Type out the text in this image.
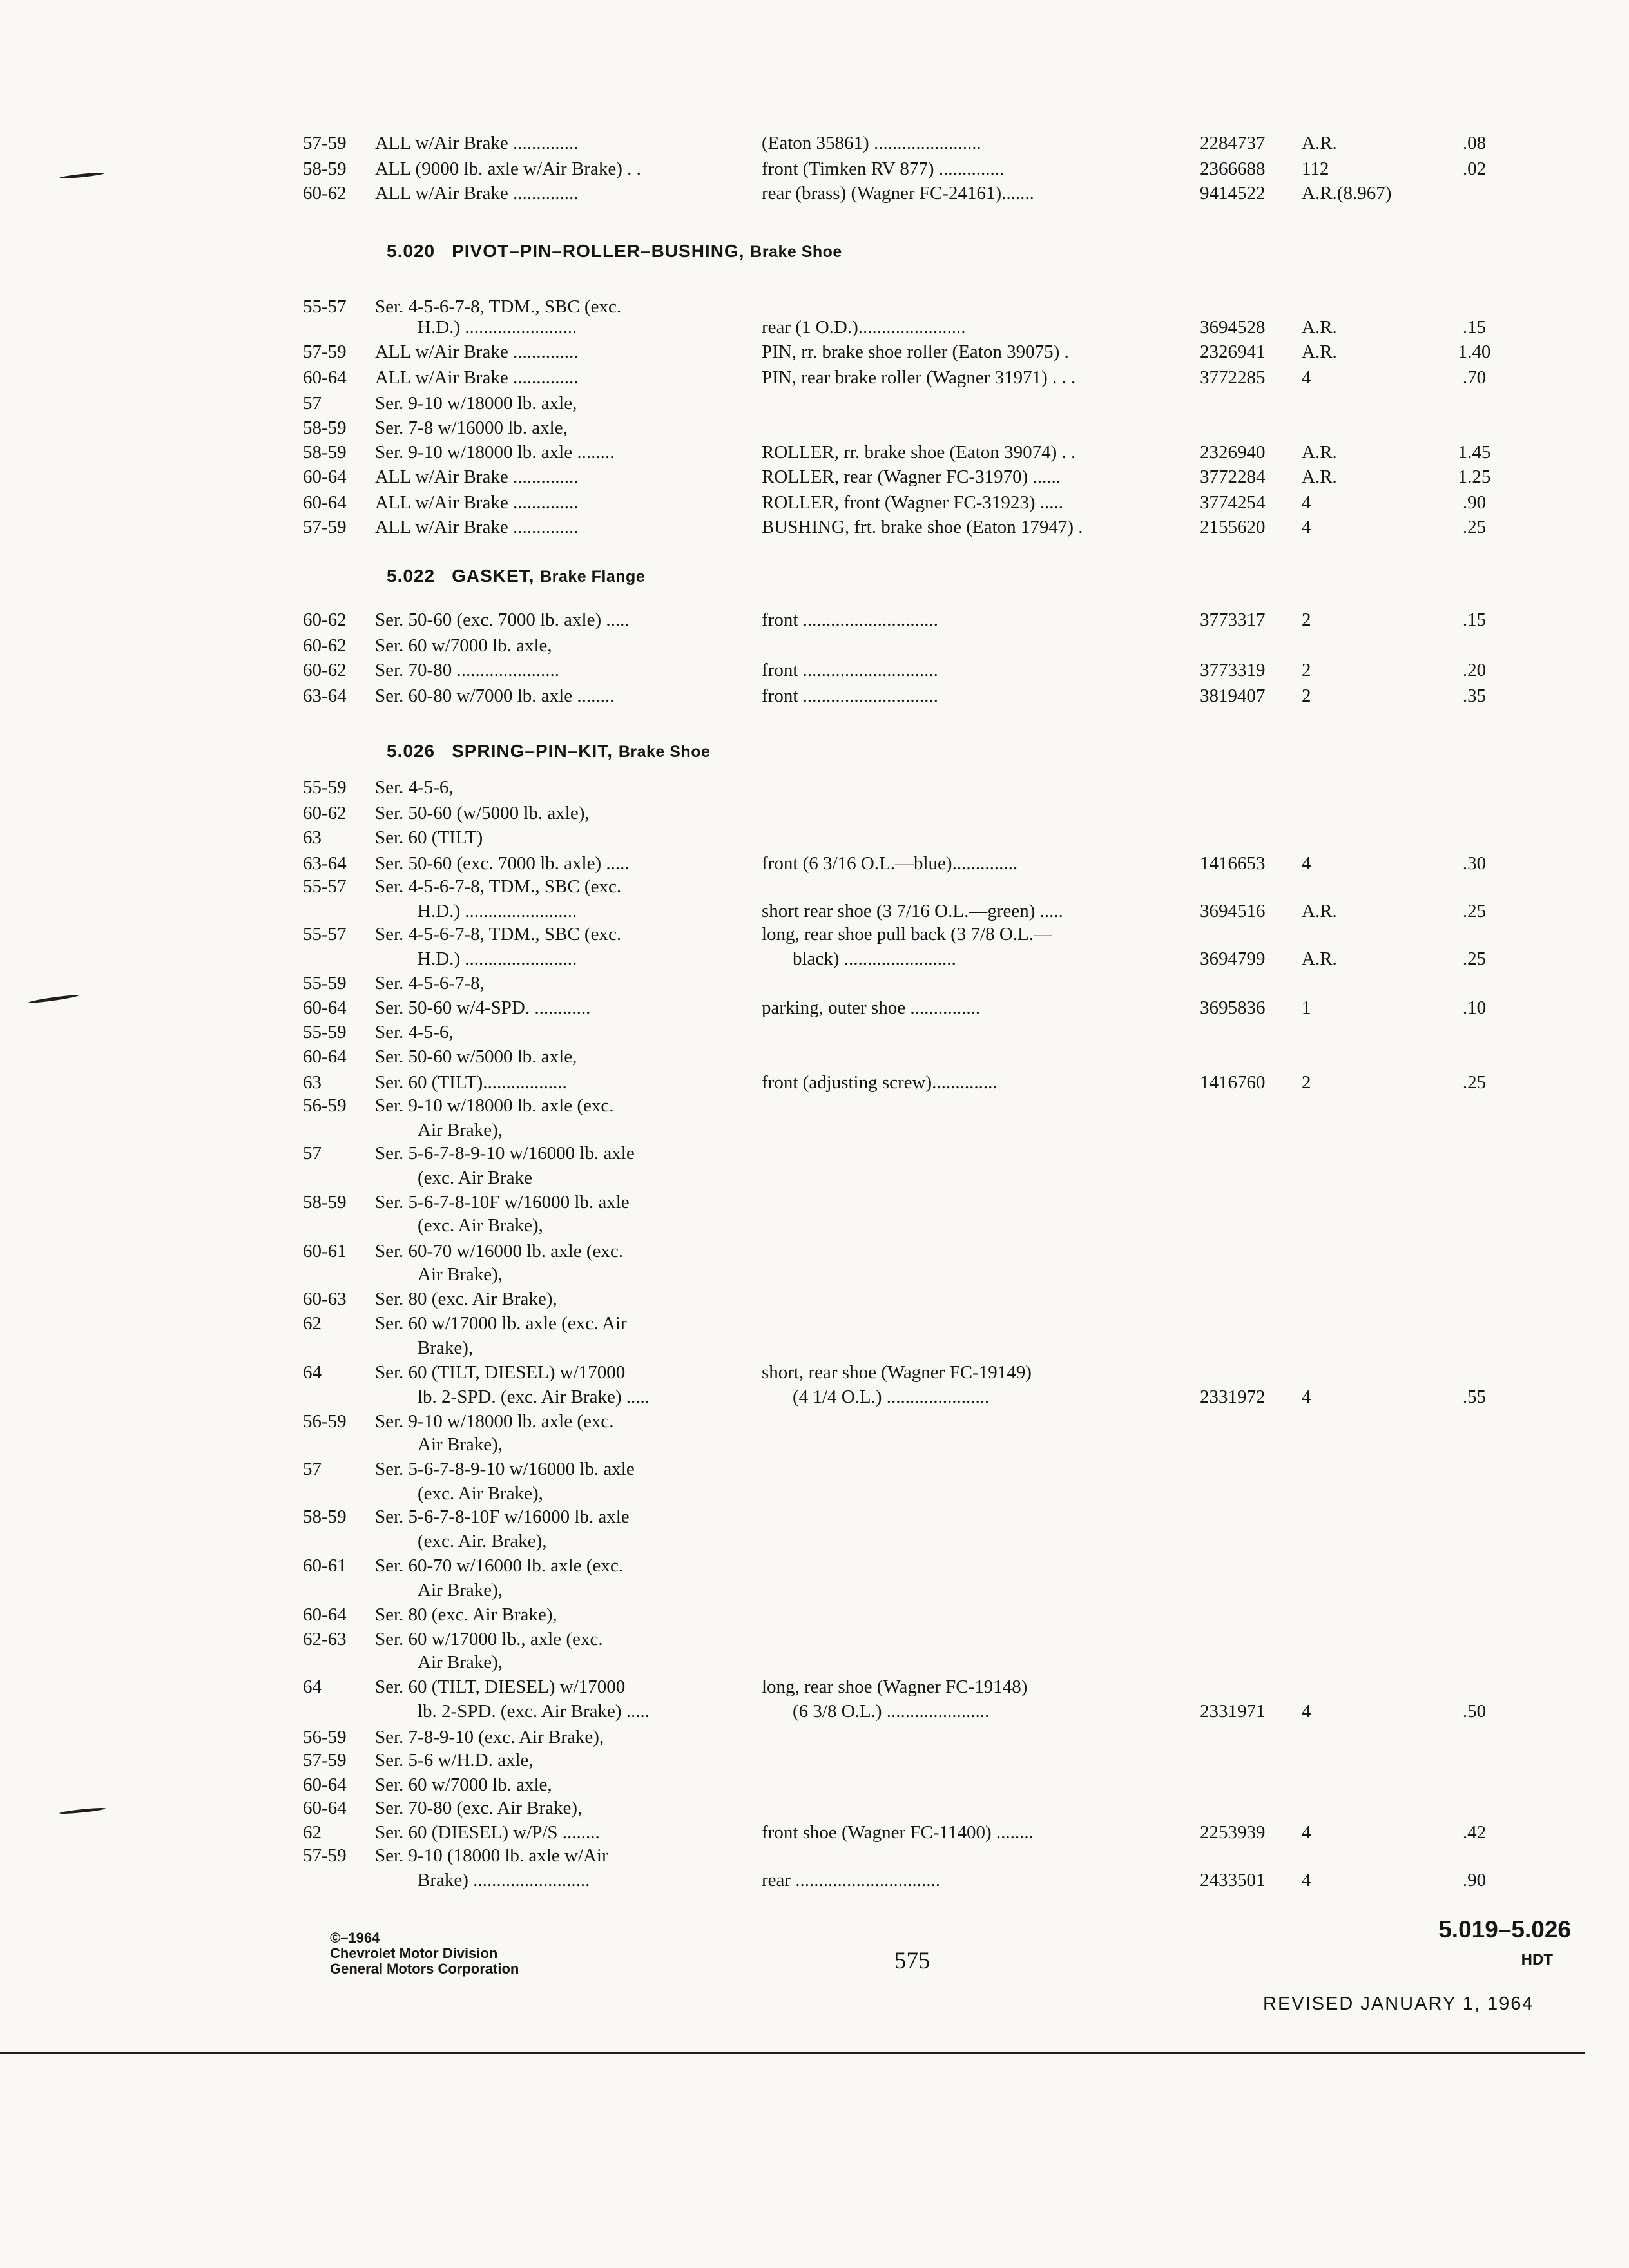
5.020 PIVOT–PIN–ROLLER–BUSHING, Brake Shoe
5.022 GASKET, Brake Flange
5.026 SPRING–PIN–KIT, Brake Shoe
57-59 ALL w/Air Brake ..............	(Eaton 35861) .......................	2284737 A.R.	.08
58-59 ALL (9000 lb. axle w/Air Brake) . .	front (Timken RV 877) ..............	2366688 112	.02
60-62 ALL w/Air Brake ..............	rear (brass) (Wagner FC-24161).......	9414522 A.R.(8.967)
55-57 Ser. 4-5-6-7-8, TDM., SBC (exc.
H.D.) ........................	rear (1 O.D.).......................	3694528 A.R.	.15
57-59 ALL w/Air Brake ..............	PIN, rr. brake shoe roller (Eaton 39075) .	2326941 A.R.	1.40
60-64 ALL w/Air Brake ..............	PIN, rear brake roller (Wagner 31971) . . .	3772285 4	.70
57	Ser. 9-10 w/18000 lb. axle,
58-59 Ser. 7-8 w/16000 lb. axle,
58-59 Ser. 9-10 w/18000 lb. axle ........	ROLLER, rr. brake shoe (Eaton 39074) . .	2326940 A.R.	1.45
60-64 ALL w/Air Brake ..............	ROLLER, rear (Wagner FC-31970) ......	3772284 A.R.	1.25
60-64 ALL w/Air Brake ..............	ROLLER, front (Wagner FC-31923) .....	3774254 4	.90
57-59 ALL w/Air Brake ..............	BUSHING, frt. brake shoe (Eaton 17947) .	2155620 4	.25
60-62 Ser. 50-60 (exc. 7000 lb. axle) .....	front .............................	3773317 2	.15
60-62 Ser. 60 w/7000 lb. axle,
60-62 Ser. 70-80 ......................	front .............................	3773319 2	.20
63-64 Ser. 60-80 w/7000 lb. axle ........	front .............................	3819407 2	.35
55-59 Ser. 4-5-6,
60-62 Ser. 50-60 (w/5000 lb. axle),
63	Ser. 60 (TILT)
63-64 Ser. 50-60 (exc. 7000 lb. axle) .....	front (6 3/16 O.L.—blue)..............	1416653 4	.30
55-57 Ser. 4-5-6-7-8, TDM., SBC (exc.
H.D.) ........................	short rear shoe (3 7/16 O.L.—green) .....	3694516 A.R.	.25
55-57 Ser. 4-5-6-7-8, TDM., SBC (exc.	long, rear shoe pull back (3 7/8 O.L.—
H.D.) ........................	black) ........................	3694799 A.R.	.25
55-59 Ser. 4-5-6-7-8,
60-64 Ser. 50-60 w/4-SPD. ............	parking, outer shoe ...............	3695836 1	.10
55-59 Ser. 4-5-6,
60-64 Ser. 50-60 w/5000 lb. axle,
63	Ser. 60 (TILT)..................	front (adjusting screw)..............	1416760 2	.25
56-59 Ser. 9-10 w/18000 lb. axle (exc.
Air Brake),
57	Ser. 5-6-7-8-9-10 w/16000 lb. axle
(exc. Air Brake
58-59 Ser. 5-6-7-8-10F w/16000 lb. axle
(exc. Air Brake),
60-61 Ser. 60-70 w/16000 lb. axle (exc.
Air Brake),
60-63 Ser. 80 (exc. Air Brake),
62	Ser. 60 w/17000 lb. axle (exc. Air
Brake),
64	Ser. 60 (TILT, DIESEL) w/17000	short, rear shoe (Wagner FC-19149)
lb. 2-SPD. (exc. Air Brake) .....	(4 1/4 O.L.) ......................	2331972 4	.55
56-59 Ser. 9-10 w/18000 lb. axle (exc.
Air Brake),
57	Ser. 5-6-7-8-9-10 w/16000 lb. axle
(exc. Air Brake),
58-59 Ser. 5-6-7-8-10F w/16000 lb. axle
(exc. Air. Brake),
60-61 Ser. 60-70 w/16000 lb. axle (exc.
Air Brake),
60-64 Ser. 80 (exc. Air Brake),
62-63 Ser. 60 w/17000 lb., axle (exc.
Air Brake),
64	Ser. 60 (TILT, DIESEL) w/17000	long, rear shoe (Wagner FC-19148)
lb. 2-SPD. (exc. Air Brake) .....	(6 3/8 O.L.) ......................	2331971 4	.50
56-59 Ser. 7-8-9-10 (exc. Air Brake),
57-59 Ser. 5-6 w/H.D. axle,
60-64 Ser. 60 w/7000 lb. axle,
60-64 Ser. 70-80 (exc. Air Brake),
62	Ser. 60 (DIESEL) w/P/S ........	front shoe (Wagner FC-11400) ........	2253939 4	.42
57-59 Ser. 9-10 (18000 lb. axle w/Air
Brake) .........................	rear ...............................	2433501 4	.90
©–1964
Chevrolet Motor Division
General Motors Corporation	575
5.019–5.026
HDT
REVISED JANUARY 1, 1964
